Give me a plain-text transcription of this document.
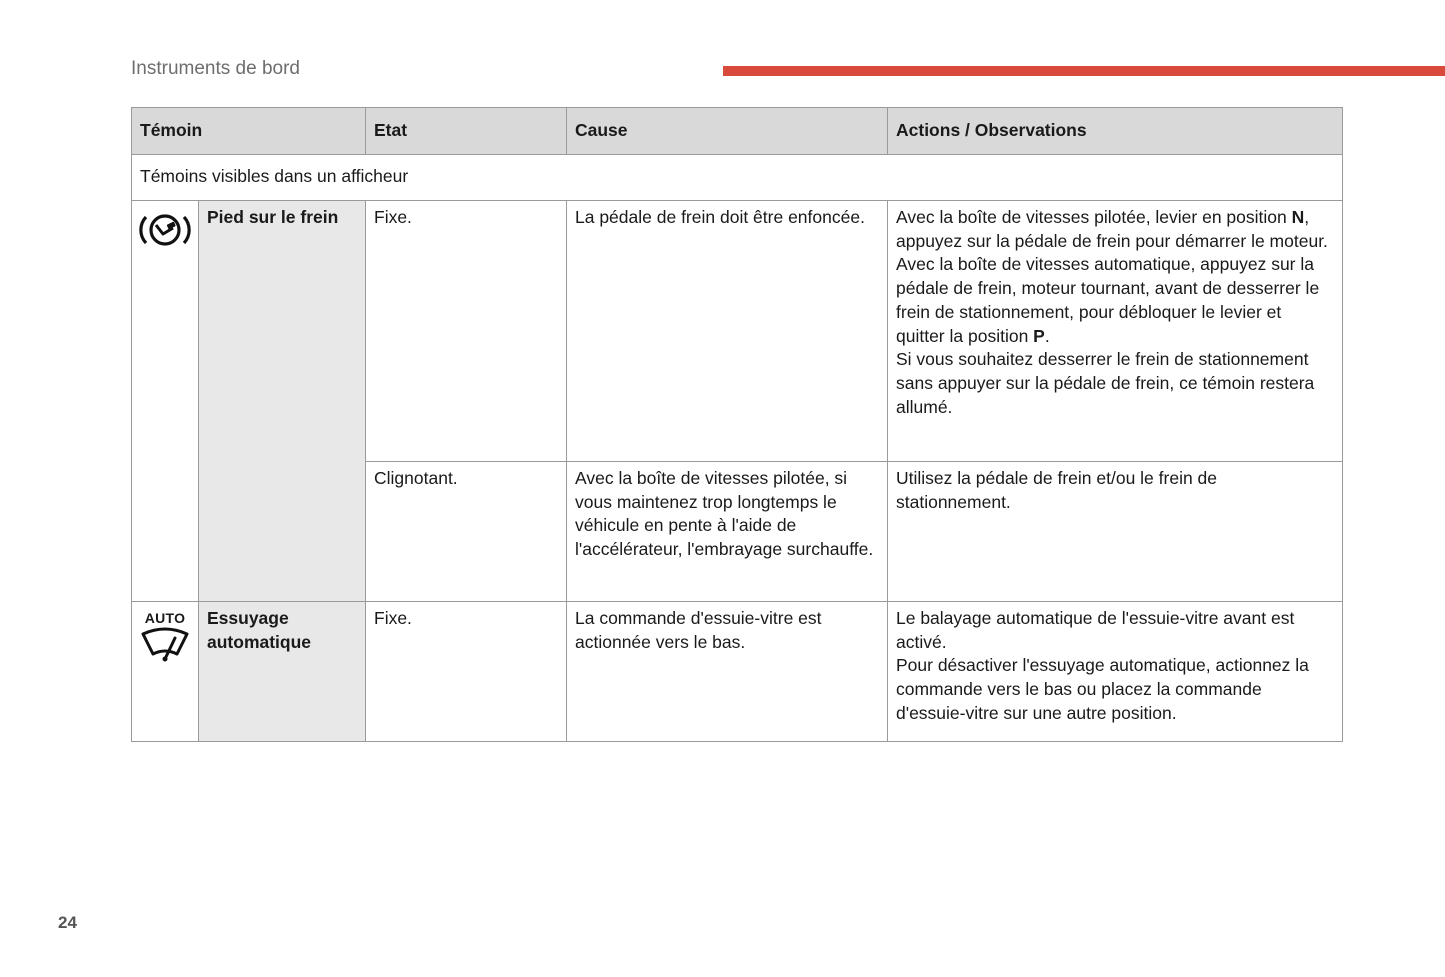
Instruments de bord
Témoin		Etat	Cause	Actions / Observations
Témoins visibles dans un afficheur				
	Pied sur le frein	Fixe.	La pédale de frein doit être enfoncée.	Avec la boîte de vitesses pilotée, levier en position N, appuyez sur la pédale de frein pour démarrer le moteur.

Avec la boîte de vitesses automatique, appuyez sur la pédale de frein, moteur tournant, avant de desserrer le frein de stationnement, pour débloquer le levier et quitter la position P.

Si vous souhaitez desserrer le frein de stationnement sans appuyer sur la pédale de frein, ce témoin restera allumé.

		Clignotant.	Avec la boîte de vitesses pilotée, si vous maintenez trop longtemps le véhicule en pente à l'aide de l'accélérateur, l'embrayage surchauffe.	Utilisez la pédale de frein et/ou le frein de stationnement.

AUTO	Essuyage automatique	Fixe.	La commande d'essuie-vitre est actionnée vers le bas.	Le balayage automatique de l'essuie-vitre avant est activé.

Pour désactiver l'essuyage automatique, actionnez la commande vers le bas ou placez la commande d'essuie-vitre sur une autre position.

24
